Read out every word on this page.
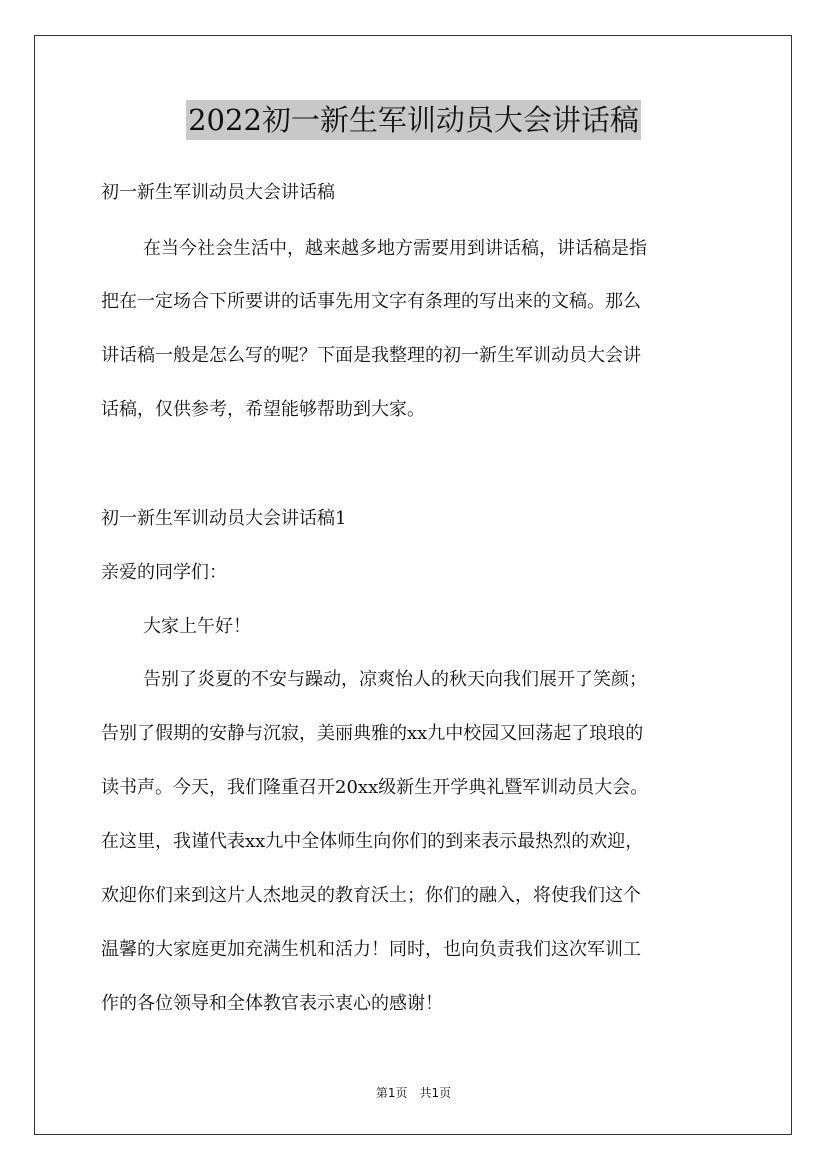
2022初一新生军训动员大会讲话稿
初一新生军训动员大会讲话稿
在当今社会生活中，越来越多地方需要用到讲话稿，讲话稿是指
把在一定场合下所要讲的话事先用文字有条理的写出来的文稿。那么
讲话稿一般是怎么写的呢？下面是我整理的初一新生军训动员大会讲
话稿，仅供参考，希望能够帮助到大家。
初一新生军训动员大会讲话稿1
亲爱的同学们：
大家上午好！
告别了炎夏的不安与躁动，凉爽怡人的秋天向我们展开了笑颜；
告别了假期的安静与沉寂，美丽典雅的xx九中校园又回荡起了琅琅的
读书声。今天，我们隆重召开20xx级新生开学典礼暨军训动员大会。
在这里，我谨代表xx九中全体师生向你们的到来表示最热烈的欢迎，
欢迎你们来到这片人杰地灵的教育沃土；你们的融入，将使我们这个
温馨的大家庭更加充满生机和活力！同时，也向负责我们这次军训工
作的各位领导和全体教官表示衷心的感谢！
第1页　共1页
